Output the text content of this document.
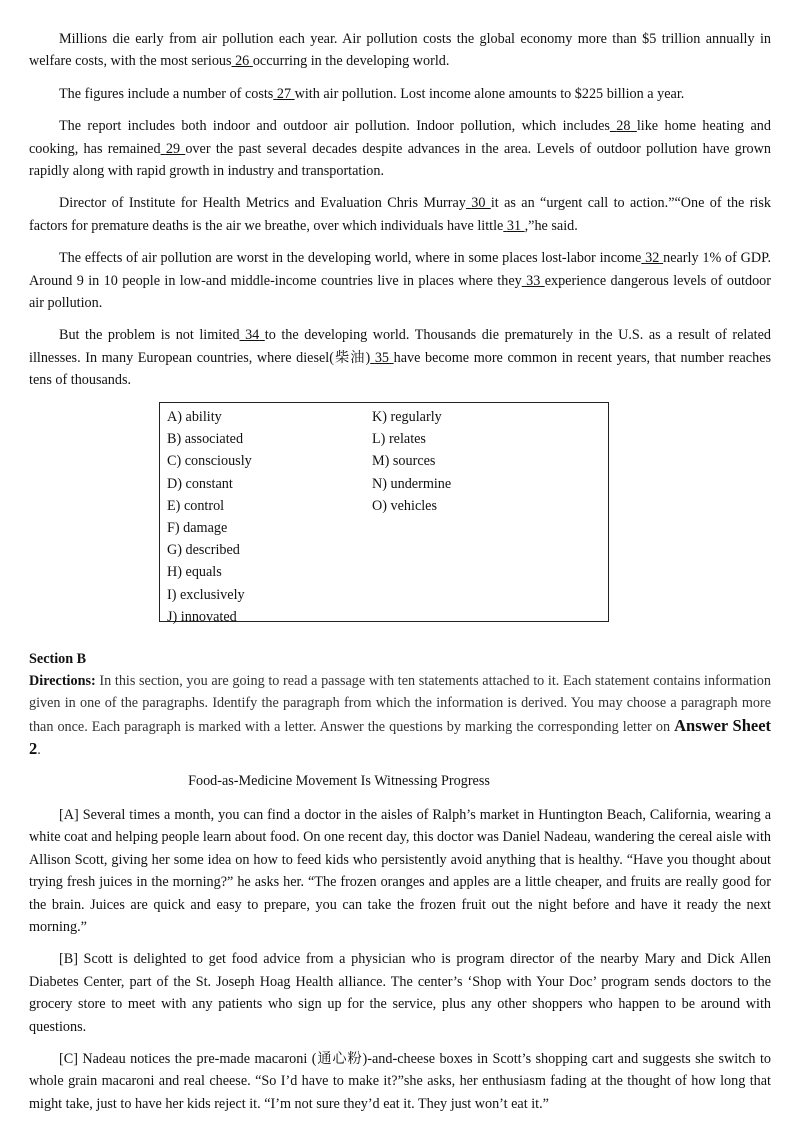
Millions die early from air pollution each year. Air pollution costs the global economy more than $5 trillion annually in welfare costs, with the most serious 26 occurring in the developing world.

The figures include a number of costs 27 with air pollution. Lost income alone amounts to $225 billion a year.

The report includes both indoor and outdoor air pollution. Indoor pollution, which includes 28 like home heating and cooking, has remained 29 over the past several decades despite advances in the area. Levels of outdoor pollution have grown rapidly along with rapid growth in industry and transportation.

Director of Institute for Health Metrics and Evaluation Chris Murray 30 it as an “urgent call to action.”“One of the risk factors for premature deaths is the air we breathe, over which individuals have little 31 ,”he said.

The effects of air pollution are worst in the developing world, where in some places lost-labor income 32 nearly 1% of GDP. Around 9 in 10 people in low-and middle-income countries live in places where they 33 experience dangerous levels of outdoor air pollution.

But the problem is not limited 34 to the developing world. Thousands die prematurely in the U.S. as a result of related illnesses. In many European countries, where diesel(柴油) 35 have become more common in recent years, that number reaches tens of thousands.

A) ability
B) associated
C) consciously
D) constant
E) control
F) damage
G) described
H) equals
I) exclusively
J) innovated
K) regularly
L) relates
M) sources
N) undermine
O) vehicles
Section B
Directions: In this section, you are going to read a passage with ten statements attached to it. Each statement contains information given in one of the paragraphs. Identify the paragraph from which the information is derived. You may choose a paragraph more than once. Each paragraph is marked with a letter. Answer the questions by marking the corresponding letter on Answer Sheet 2.
Food-as-Medicine Movement Is Witnessing Progress

[A] Several times a month, you can find a doctor in the aisles of Ralph’s market in Huntington Beach, California, wearing a white coat and helping people learn about food. On one recent day, this doctor was Daniel Nadeau, wandering the cereal aisle with Allison Scott, giving her some idea on how to feed kids who persistently avoid anything that is healthy. “Have you thought about trying fresh juices in the morning?” he asks her. “The frozen oranges and apples are a little cheaper, and fruits are really good for the brain. Juices are quick and easy to prepare, you can take the frozen fruit out the night before and have it ready the next morning.”

[B] Scott is delighted to get food advice from a physician who is program director of the nearby Mary and Dick Allen Diabetes Center, part of the St. Joseph Hoag Health alliance. The center’s ‘Shop with Your Doc’ program sends doctors to the grocery store to meet with any patients who sign up for the service, plus any other shoppers who happen to be around with questions.

[C] Nadeau notices the pre-made macaroni (通心粉)-and-cheese boxes in Scott’s shopping cart and suggests she switch to whole grain macaroni and real cheese. “So I’d have to make it?”she asks, her enthusiasm fading at the thought of how long that might take, just to have her kids reject it. “I’m not sure they’d eat it. They just won’t eat it.”
